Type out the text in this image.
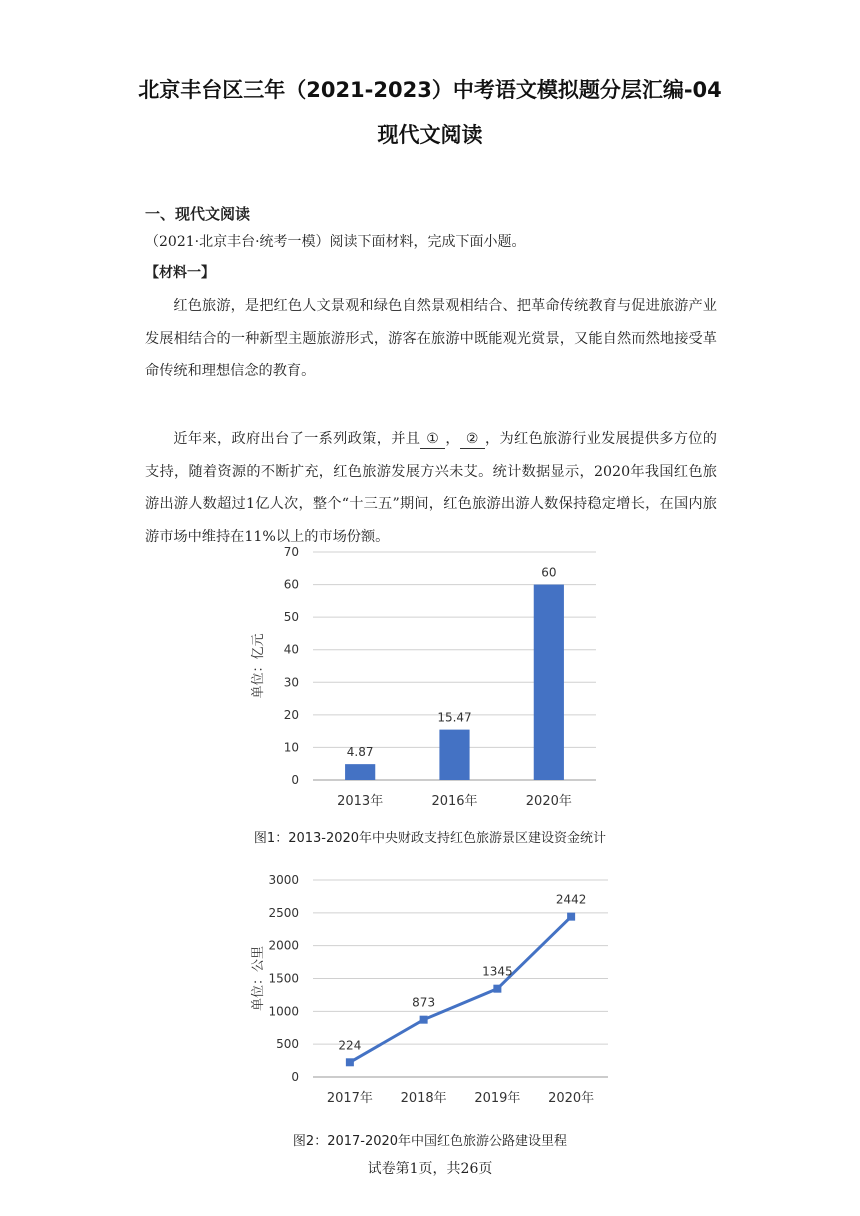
北京丰台区三年（2021-2023）中考语文模拟题分层汇编-04
现代文阅读
一、现代文阅读
（2021·北京丰台·统考一模）阅读下面材料，完成下面小题。
【材料一】

红色旅游，是把红色人文景观和绿色自然景观相结合、把革命传统教育与促进旅游产业发展相结合的一种新型主题旅游形式，游客在旅游中既能观光赏景，又能自然而然地接受革命传统和理想信念的教育。

近年来，政府出台了一系列政策，并且 ① ， ② ，为红色旅游行业发展提供多方位的支持，随着资源的不断扩充，红色旅游发展方兴未艾。统计数据显示，2020年我国红色旅游出游人数超过1亿人次，整个“十三五”期间，红色旅游出游人数保持稳定增长，在国内旅游市场中维持在11%以上的市场份额。

0
10
20
30
40
50
60
70
单位：亿元
2013年	2016年	2020年
4.87
15.47
60
图1：2013-2020年中央财政支持红色旅游景区建设资金统计
0
500
1000
1500
2000
2500
3000
单位：公里
2017年 2018年 2019年 2020年
224
873
1345
2442
图2：2017-2020年中国红色旅游公路建设里程
试卷第1页，共26页
